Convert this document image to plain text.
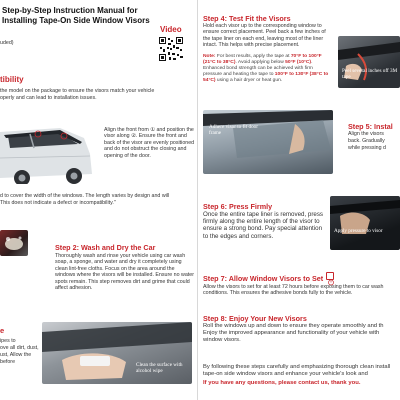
Step-by-Step Instruction Manual for
Installing Tape-On Side Window Visors
Video
uded)
tibility
the model on the package to ensure the visors match your vehicle
operly and can lead to installation issues.
Align the front from ① and position the visor along ②. Ensure the front and back of the visor are evenly positioned and do not obstruct the closing and opening of the door.
d to cover the width of the windows. The length varies by design and will
This does not indicate a defect or incompatibility."
Step 2: Wash and Dry the Car
Thoroughly wash and rinse your vehicle using car wash soap, a sponge, and water and dry it completely using clean lint-free cloths. Focus on the area around the windows where the visors will be installed. Ensure no water spots remain. This step removes dirt and grime that could affect adhesion.
e
ipes to
ove all dirt, dust,
ust, Allow the
before	Clean the surface with alcohol wipe
Step 4: Test Fit the Visors
Hold each visor up to the corresponding window to ensure correct placement. Peel back a few inches of the tape liner on each end, leaving most of the liner intact. This helps with precise placement.
Note: For best results, apply the tape at 70°F to 100°F (21°C to 38°C). Avoid applying below 50°F (10°C). Enhanced bond strength can be achieved with firm pressure and heating the tape to 100°F to 130°F (38°C to 54°C) using a hair dryer or heat gun.
Peel several inches off 3M tape
Adhere visor to fit door frame
Step 5: Instal
Align the visors
back. Gradually
while pressing d
Step 6: Press Firmly
Once the entire tape liner is removed, press firmly along the entire length of the visor to ensure a strong bond. Pay special attention to the edges and corners.
Apply pressure to visor
Step 7: Allow Window Visors to Set
Allow the visors to set for at least 72 hours before exposing them to car wash conditions. This ensures the adhesive bonds fully to the vehicle.
Step 8: Enjoy Your New Visors
Roll the windows up and down to ensure they operate smoothly and th Enjoy the improved appearance and functionality of your vehicle with window visors.
By following these steps carefully and emphasizing thorough clean install tape-on side window visors and enhance your vehicle's look and
If you have any questions, please contact us, thank you.
